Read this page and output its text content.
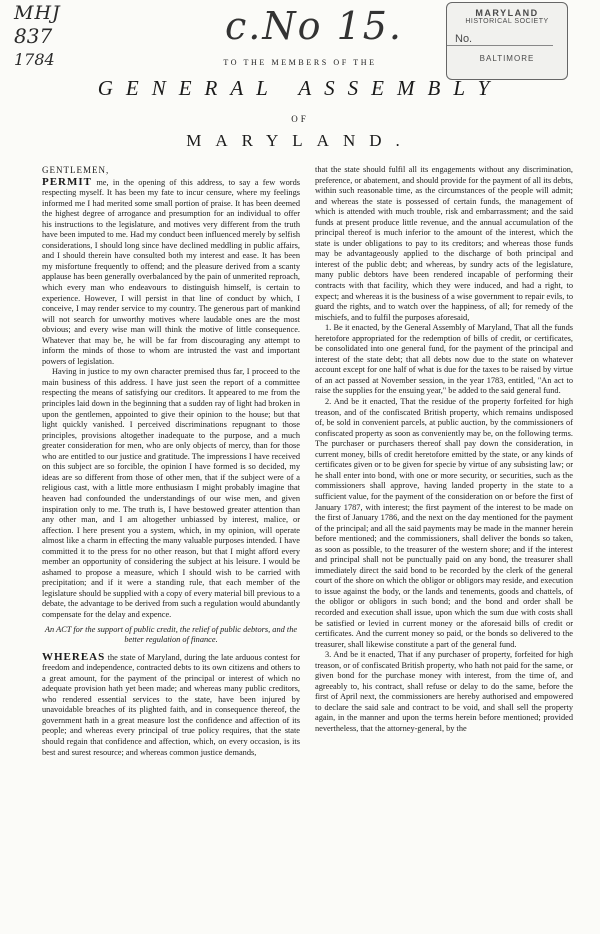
MHJ
837
1784
c.No 15.	MARYLAND
HISTORICAL SOCIETY
No.
BALTIMORE
TO THE MEMBERS OF THE
GENERAL ASSEMBLY
OF
MARYLAND.

GENTLEMEN,

PERMIT me, in the opening of this address, to say a few words respecting myself. It has been my fate to incur censure, where my feelings informed me I had merited some small portion of praise. It has been deemed the highest degree of arrogance and presumption for an individual to offer his instructions to the legislature, and motives very different from the truth have been imputed to me. Had my conduct been influenced merely by selfish considerations, I should long since have declined meddling in public affairs, and I should therein have consulted both my interest and ease. It has been my misfortune frequently to offend; and the pleasure derived from a scanty applause has been generally overbalanced by the pain of unmerited reproach, which every man who endeavours to distinguish himself, is certain to experience. However, I will persist in that line of conduct by which, I conceive, I may render service to my country. The generous part of mankind will not search for unworthy motives where laudable ones are the most obvious; and every wise man will think the motive of little consequence. Whatever that may be, he will be far from discouraging any attempt to inform the minds of those to whom are intrusted the vast and important powers of legislation.

Having in justice to my own character premised thus far, I proceed to the main business of this address. I have just seen the report of a committee respecting the means of satisfying our creditors. It appeared to me from the principles laid down in the beginning that a sudden ray of light had broken in upon the gentlemen, appointed to give their opinion to the house; but that light quickly vanished. I perceived discriminations repugnant to those principles, provisions altogether inadequate to the purpose, and a much greater consideration for men, who are only objects of mercy, than for those who are entitled to our justice and gratitude. The impressions I have received on this subject are so forcible, the opinion I have formed is so decided, my ideas are so different from those of other men, that if the subject were of a religious cast, with a little more enthusiasm I might probably imagine that heaven had confounded the understandings of our wise men, and given inspiration only to me. The truth is, I have bestowed greater attention than any other man, and I am altogether unbiassed by interest, malice, or affection. I here present you a system, which, in my opinion, will operate almost like a charm in effecting the many valuable purposes intended. I have committed it to the press for no other reason, but that I might afford every member an opportunity of considering the subject at his leisure. I would be ashamed to propose a measure, which I should wish to be carried with precipitation; and if it were a standing rule, that each member of the legislature should be supplied with a copy of every material bill previous to a debate, the advantage to be derived from such a regulation would abundantly compensate for the delay and expence.

An ACT for the support of public credit, the relief of public debtors, and the better regulation of finance.

WHEREAS the state of Maryland, during the late arduous contest for freedom and independence, contracted debts to its own citizens and others to a great amount, for the payment of the principal or interest of which no adequate provision hath yet been made; and whereas many public creditors, who rendered essential services to the state, have been injured by unavoidable breaches of its plighted faith, and in consequence thereof, the government hath in a great measure lost the confidence and affection of its people; and whereas every principal of true policy requires, that the state should regain that confidence and affection, which, on every occasion, is its best and surest resource; and whereas common justice demands,

that the state should fulfil all its engagements without any discrimination, preference, or abatement, and should provide for the payment of all its debts, within such reasonable time, as the circumstances of the people will admit; and whereas the state is possessed of certain funds, the management of which is attended with much trouble, risk and embarrassment; and the said funds at present produce little revenue, and the annual accumulation of the principal thereof is much inferior to the amount of the interest, which the state is under obligations to pay to its creditors; and whereas those funds may be advantageously applied to the discharge of both principal and interest of the public debt; and whereas, by sundry acts of the legislature, many public debtors have been rendered incapable of performing their contracts with that facility, which they were induced, and had a right, to expect; and whereas it is the business of a wise government to repair evils, to guard the rights, and to watch over the happiness, of all; for remedy of the mischiefs, and to fulfil the purposes aforesaid,

1. Be it enacted, by the General Assembly of Maryland, That all the funds heretofore appropriated for the redemption of bills of credit, or certificates, be consolidated into one general fund, for the payment of the principal and interest of the state debt; that all debts now due to the state on whatever account except for one half of what is due for the taxes to be raised by virtue of an act passed at November session, in the year 1783, entitled, "An act to raise the supplies for the ensuing year," be added to the said general fund.

2. And be it enacted, That the residue of the property forfeited for high treason, and of the confiscated British property, which remains undisposed of, be sold in convenient parcels, at public auction, by the commissioners of confiscated property as soon as conveniently may be, on the following terms. The purchaser or purchasers thereof shall pay down the consideration, in current money, bills of credit heretofore emitted by the state, or any kinds of certificates given or to be given for specie by virtue of any subsisting law; or he shall enter into bond, with one or more security, or securities, such as the commissioners shall approve, having landed property in the state to a sufficient value, for the payment of the consideration on or before the first of January 1787, with interest; the first payment of the interest to be made on the first of January 1786, and the next on the day mentioned for the payment of the principal; and all the said payments may be made in the manner herein before mentioned; and the commissioners, shall deliver the bonds so taken, as soon as possible, to the treasurer of the western shore; and if the interest and principal shall not be punctually paid on any bond, the treasurer shall immediately direct the said bond to be recorded by the clerk of the general court of the shore on which the obligor or obligors may reside, and execution to issue against the body, or the lands and tenements, goods and chattels, of the obligor or obligors in such bond; and the bond and order shall be recorded and execution shall issue, upon which the sum due with costs shall be satisfied or levied in current money or the aforesaid bills of credit or certificates. And the current money so paid, or the bonds so delivered to the treasurer, shall likewise constitute a part of the general fund.

3. And be it enacted, That if any purchaser of property, forfeited for high treason, or of confiscated British property, who hath not paid for the same, or given bond for the purchase money with interest, from the time of, and agreeably to, his contract, shall refuse or delay to do the same, before the first of April next, the commissioners are hereby authorised and empowered to declare the said sale and contract to be void, and shall sell the property again, in the manner and upon the terms herein before mentioned; provided nevertheless, that the attorney-general, by the
